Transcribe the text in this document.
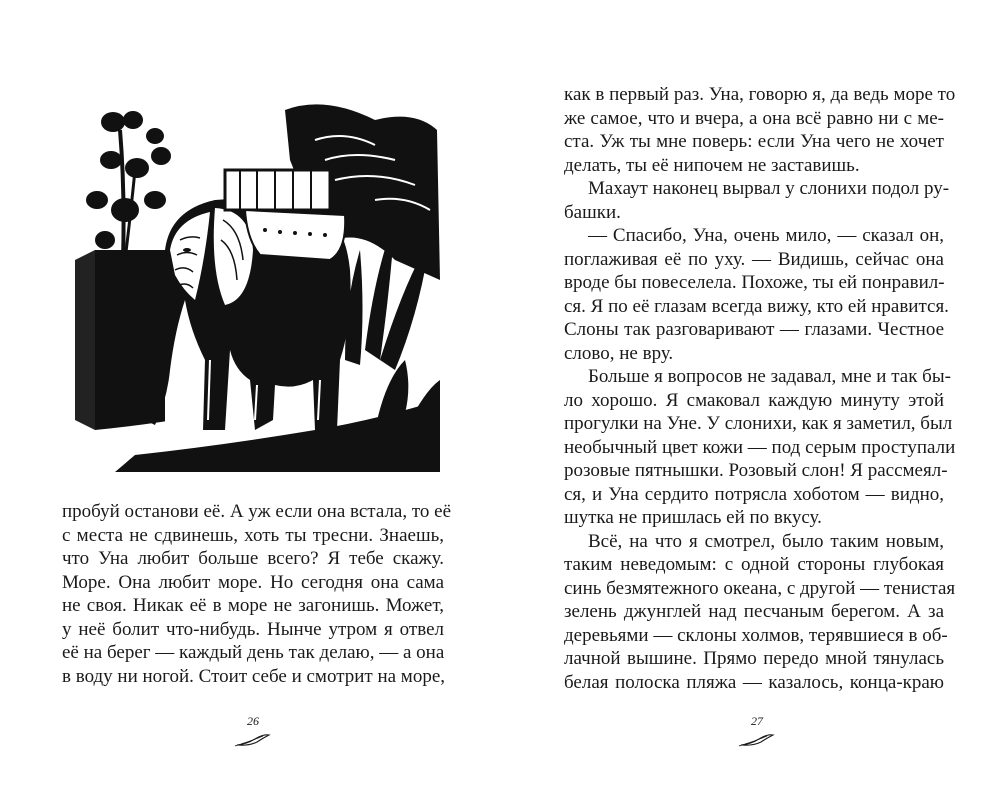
пробуй останови её. А уж если она встала, то её
с места не сдвинешь, хоть ты тресни. Знаешь,
что Уна любит больше всего? Я тебе скажу.
Море. Она любит море. Но сегодня она сама
не своя. Никак её в море не загонишь. Может,
у неё болит что-нибудь. Нынче утром я отвел
её на берег — каждый день так делаю, — а она
в воду ни ногой. Стоит себе и смотрит на море,

26

как в первый раз. Уна, говорю я, да ведь море то
же самое, что и вчера, а она всё равно ни с ме-
ста. Уж ты мне поверь: если Уна чего не хочет
делать, ты её нипочем не заставишь.

Махаут наконец вырвал у слонихи подол ру-
башки.

— Спасибо, Уна, очень мило, — сказал он,
поглаживая её по уху. — Видишь, сейчас она
вроде бы повеселела. Похоже, ты ей понравил-
ся. Я по её глазам всегда вижу, кто ей нравится.
Слоны так разговаривают — глазами. Честное
слово, не вру.

Больше я вопросов не задавал, мне и так бы-
ло хорошо. Я смаковал каждую минуту этой
прогулки на Уне. У слонихи, как я заметил, был
необычный цвет кожи — под серым проступали
розовые пятнышки. Розовый слон! Я рассмеял-
ся, и Уна сердито потрясла хоботом — видно,
шутка не пришлась ей по вкусу.

Всё, на что я смотрел, было таким новым,
таким неведомым: с одной стороны глубокая
синь безмятежного океана, с другой — тенистая
зелень джунглей над песчаным берегом. А за
деревьями — склоны холмов, терявшиеся в об-
лачной вышине. Прямо передо мной тянулась
белая полоска пляжа — казалось, конца-краю

27
